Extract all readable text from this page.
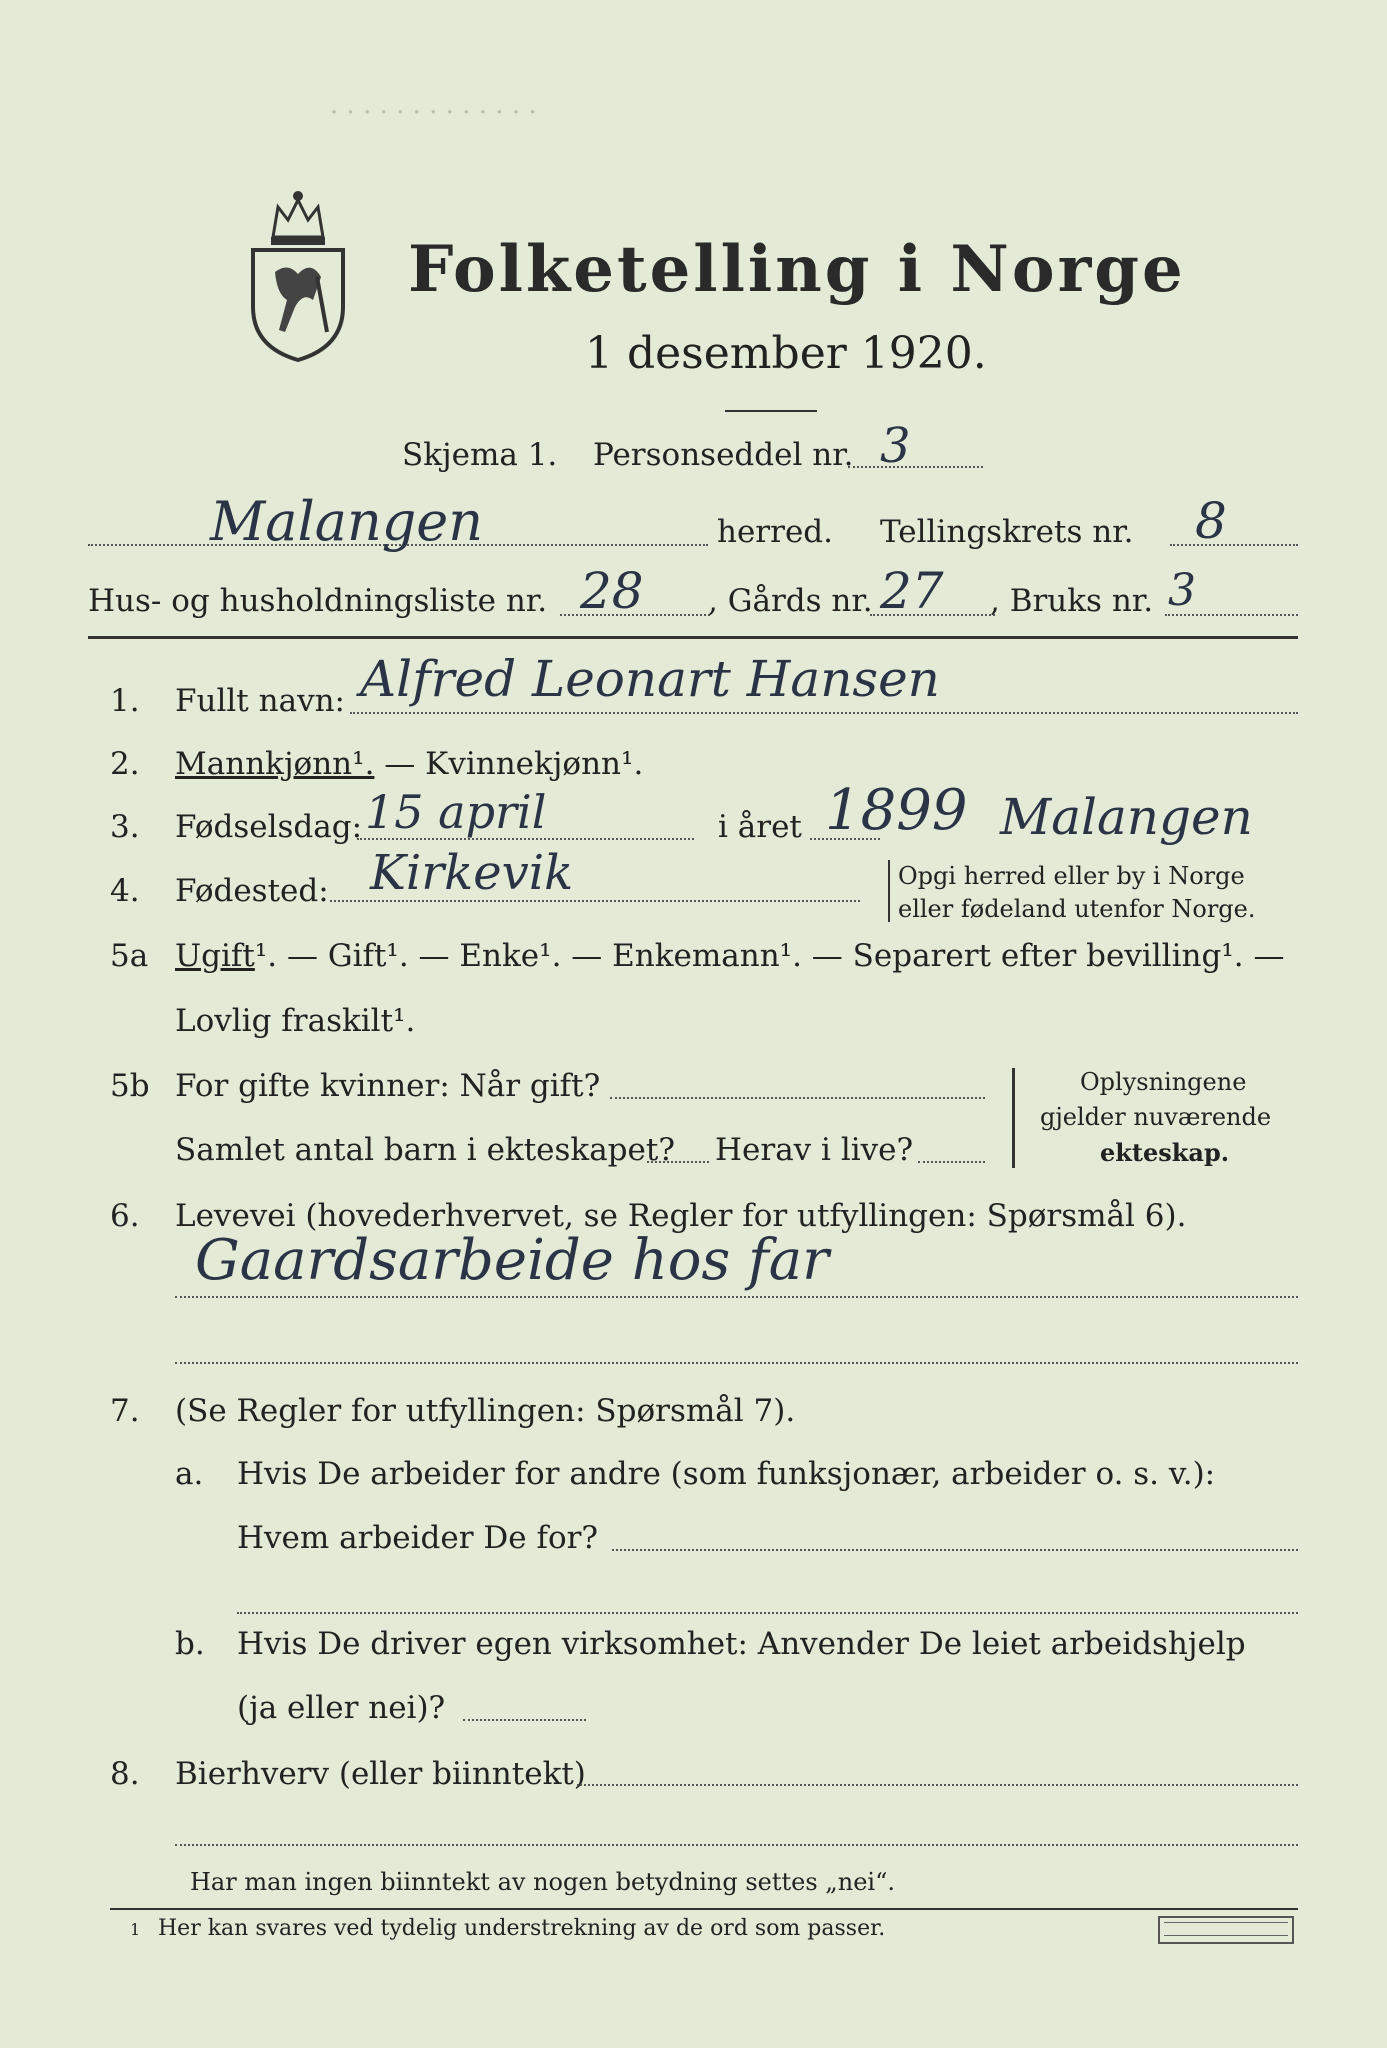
· · · · · · · · · · · · ·
Folketelling i Norge
1 desember 1920.
Skjema 1. Personseddel nr. 3
Malangen	herred. Tellingskrets nr. 8
Hus- og husholdningsliste nr. 28 , Gårds nr. 27 , Bruks nr. 3
1. Fullt navn: Alfred Leonart Hansen
2. Mannkjønn¹. — Kvinnekjønn¹.
3. Fødselsdag: 15 april	i året 1899 Malangen
4. Fødested: Kirkevik	Opgi herred eller by i Norge
eller fødeland utenfor Norge.
5a Ugift¹. — Gift¹. — Enke¹. — Enkemann¹. — Separert efter bevilling¹. —
Lovlig fraskilt¹.
5b For gifte kvinner: Når gift?
Samlet antal barn i ekteskapet? Herav i live?
Oplysningene
gjelder nuværende
ekteskap.
6. Levevei (hovederhvervet, se Regler for utfyllingen: Spørsmål 6).
Gaardsarbeide hos far
7. (Se Regler for utfyllingen: Spørsmål 7).
a. Hvis De arbeider for andre (som funksjonær, arbeider o. s. v.):
Hvem arbeider De for?
b. Hvis De driver egen virksomhet: Anvender De leiet arbeidshjelp
(ja eller nei)?
8. Bierhverv (eller biinntekt)
Har man ingen biinntekt av nogen betydning settes „nei“.
1 Her kan svares ved tydelig understrekning av de ord som passer.
